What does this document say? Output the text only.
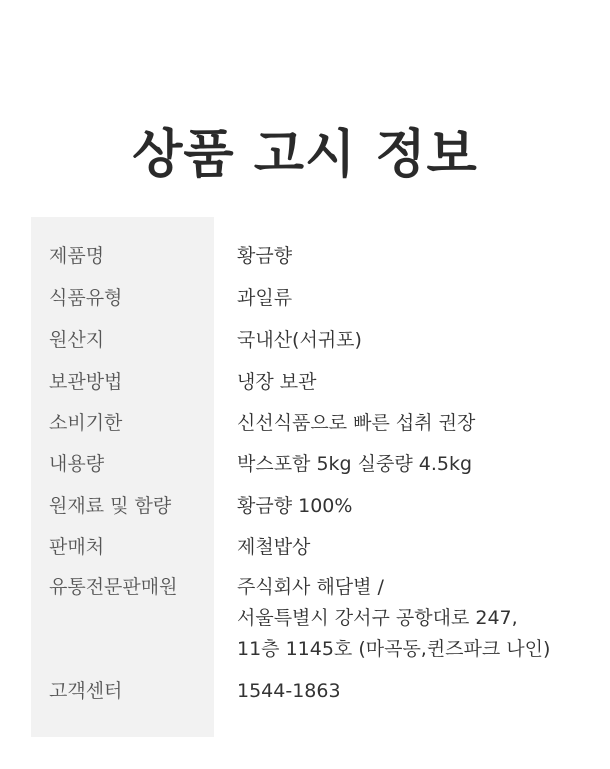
상품 고시 정보
제품명	황금향
식품유형	과일류
원산지	국내산(서귀포)
보관방법	냉장 보관
소비기한	신선식품으로 빠른 섭취 권장
내용량	박스포함 5kg 실중량 4.5kg
원재료 및 함량	황금향 100%
판매처	제철밥상
유통전문판매원	주식회사 해담별 /
서울특별시 강서구 공항대로 247,
11층 1145호 (마곡동,퀸즈파크 나인)
고객센터	1544-1863
